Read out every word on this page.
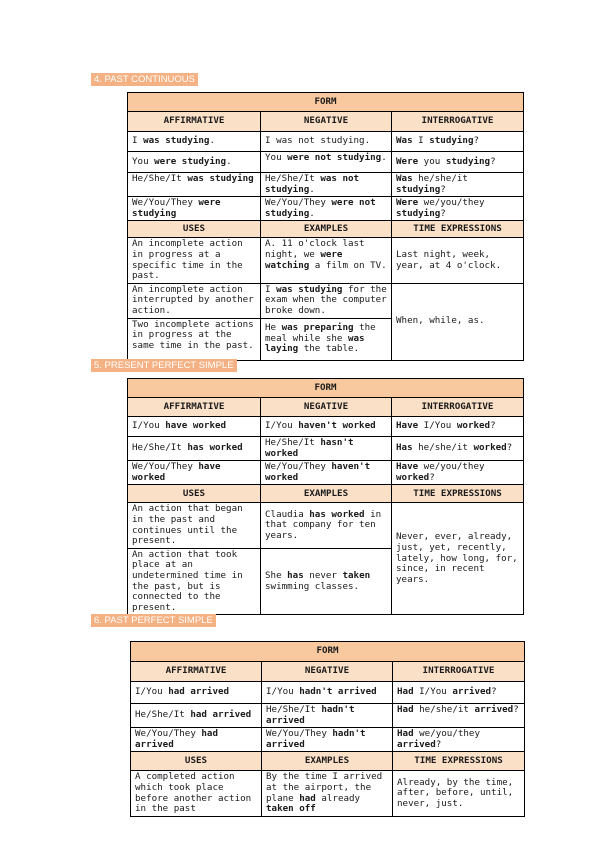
4. PAST CONTINUOUS
FORM		
AFFIRMATIVE	NEGATIVE	INTERROGATIVE
I was studying.	I was not studying.	Was I studying?
You were studying.	You were not studying.	Were you studying?
He/She/It was studying	He/She/It was not studying.	Was he/she/it studying?
We/You/They were studying	We/You/They were not studying.	Were we/you/they studying?
USES	EXAMPLES	TIME EXPRESSIONS
An incomplete action in progress at a specific time in the past.	A. 11 o'clock last night, we were watching a film on TV.	Last night, week, year, at 4 o'clock.
An incomplete action interrupted by another action.	I was studying for the exam when the computer broke down.	When, while, as.
Two incomplete actions in progress at the same time in the past.	He was preparing the meal while she was laying the table.	
5. PRESENT PERFECT SIMPLE
FORM		
AFFIRMATIVE	NEGATIVE	INTERROGATIVE
I/You have worked	I/You haven't worked	Have I/You worked?
He/She/It has worked	He/She/It hasn't worked	Has he/she/it worked?
We/You/They have worked	We/You/They haven't worked	Have we/you/they worked?
USES	EXAMPLES	TIME EXPRESSIONS
An action that began in the past and continues until the present.	Claudia has worked in that company for ten years.	Never, ever, already, just, yet, recently, lately, how long, for, since, in recent years.
An action that took place at an undetermined time in the past, but is connected to the present.	She has never taken swimming classes.	
6. PAST PERFECT SIMPLE
FORM		
AFFIRMATIVE	NEGATIVE	INTERROGATIVE
I/You had arrived	I/You hadn't arrived	Had I/You arrived?
He/She/It had arrived	He/She/It hadn't arrived	Had he/she/it arrived?
We/You/They had arrived	We/You/They hadn't arrived	Had we/you/they arrived?
USES	EXAMPLES	TIME EXPRESSIONS
A completed action which took place before another action in the past	By the time I arrived at the airport, the plane had already taken off	Already, by the time, after, before, until, never, just.
